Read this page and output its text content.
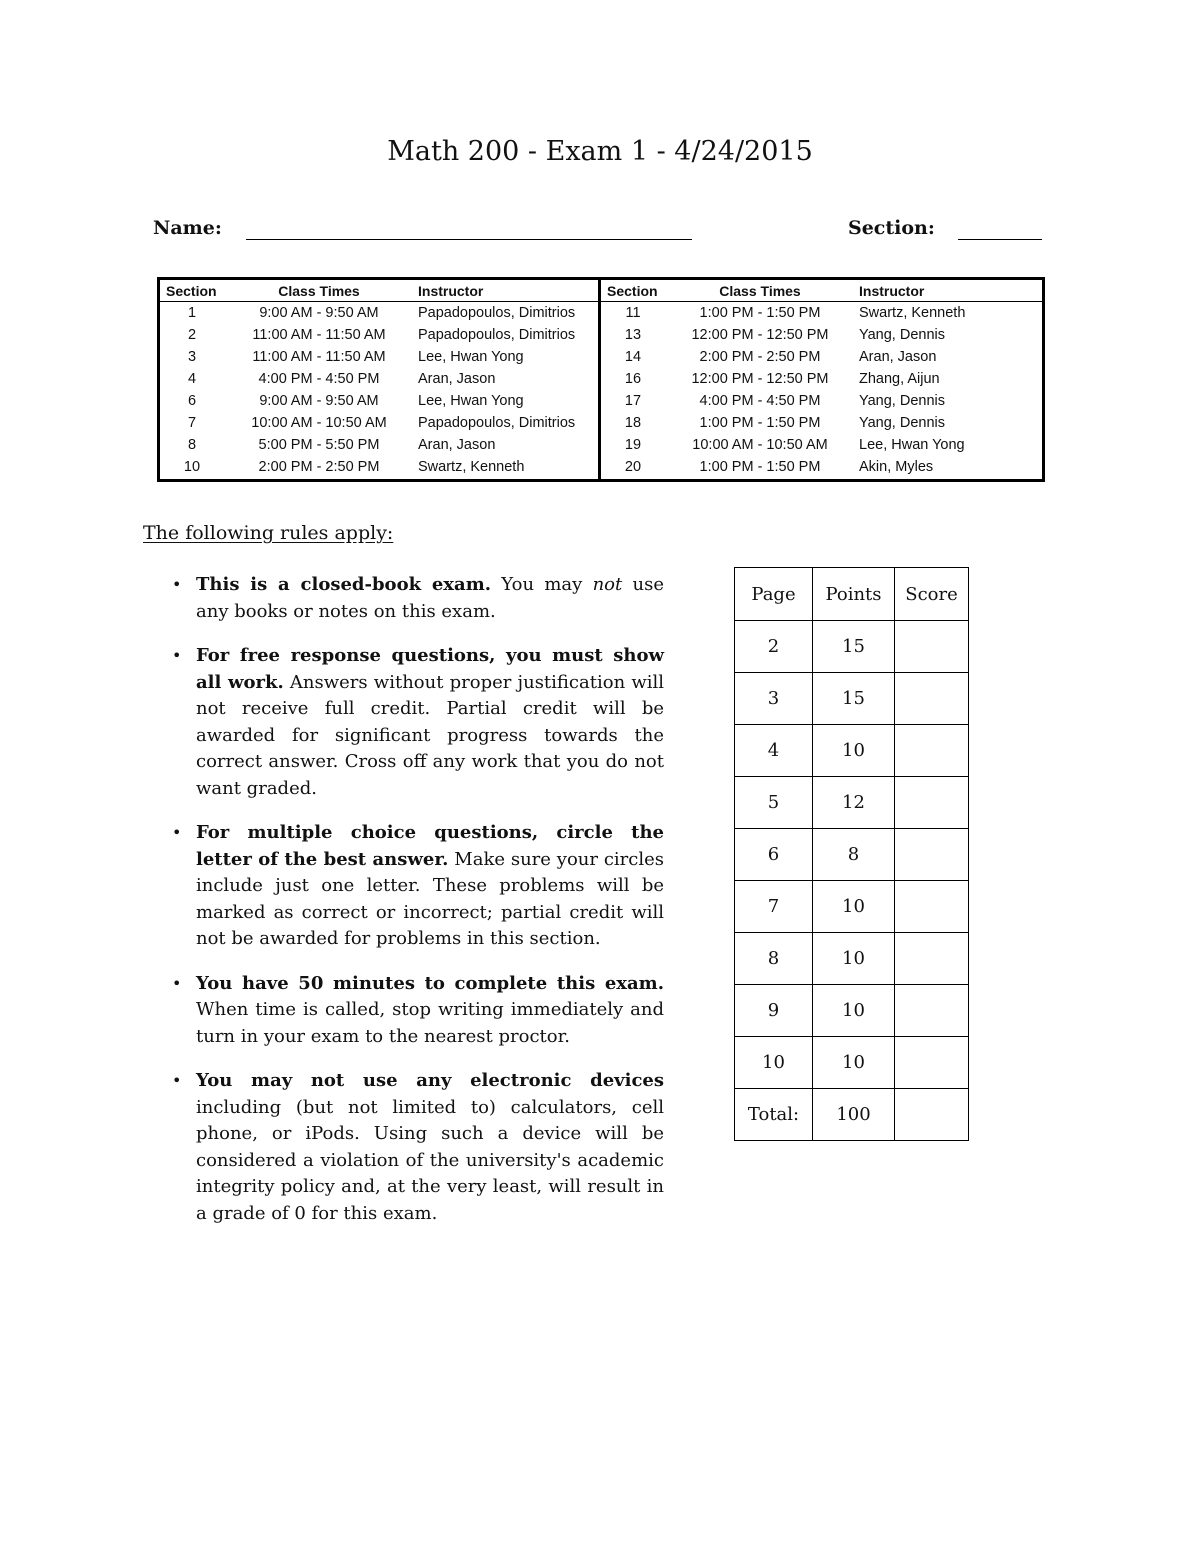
Math 200 - Exam 1 - 4/24/2015
Name:	Section:
Section	Class Times	Instructor
1	9:00 AM - 9:50 AM	Papadopoulos, Dimitrios
2	11:00 AM - 11:50 AM	Papadopoulos, Dimitrios
3	11:00 AM - 11:50 AM	Lee, Hwan Yong
4	4:00 PM - 4:50 PM	Aran, Jason
6	9:00 AM - 9:50 AM	Lee, Hwan Yong
7	10:00 AM - 10:50 AM	Papadopoulos, Dimitrios
8	5:00 PM - 5:50 PM	Aran, Jason
10	2:00 PM - 2:50 PM	Swartz, Kenneth
Section	Class Times	Instructor
11	1:00 PM - 1:50 PM	Swartz, Kenneth
13	12:00 PM - 12:50 PM	Yang, Dennis
14	2:00 PM - 2:50 PM	Aran, Jason
16	12:00 PM - 12:50 PM	Zhang, Aijun
17	4:00 PM - 4:50 PM	Yang, Dennis
18	1:00 PM - 1:50 PM	Yang, Dennis
19	10:00 AM - 10:50 AM	Lee, Hwan Yong
20	1:00 PM - 1:50 PM	Akin, Myles
The following rules apply:
• This is a closed-book exam. You may not use any books or notes on this exam.
• For free response questions, you must show all work. Answers without proper justification will not receive full credit. Partial credit will be awarded for significant progress towards the correct answer. Cross off any work that you do not want graded.
• For multiple choice questions, circle the letter of the best answer. Make sure your circles include just one letter. These problems will be marked as correct or incorrect; partial credit will not be awarded for problems in this section.
• You have 50 minutes to complete this exam. When time is called, stop writing immediately and turn in your exam to the nearest proctor.
• You may not use any electronic devices including (but not limited to) calculators, cell phone, or iPods. Using such a device will be considered a violation of the university's academic integrity policy and, at the very least, will result in a grade of 0 for this exam.
Page	Points	Score
2	15	
3	15	
4	10	
5	12	
6	8	
7	10	
8	10	
9	10	
10	10	
Total:	100	
